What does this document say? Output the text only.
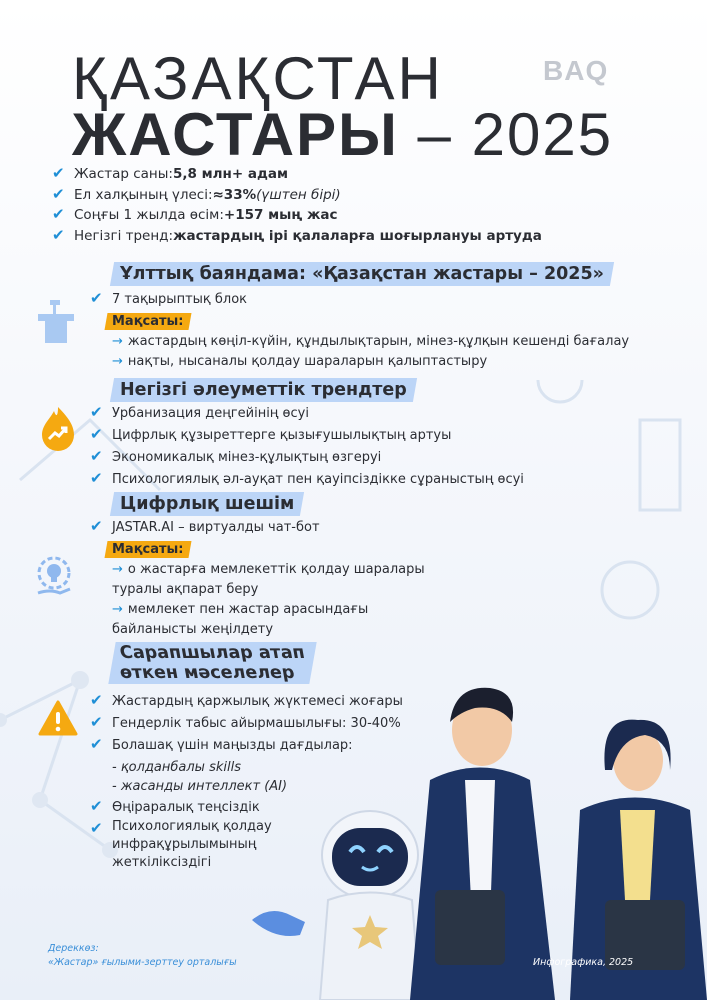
ҚАЗАҚСТАН
ЖАСТАРЫ – 2025
BAQ
✔ Жастар саны: 5,8 млн+ адам
✔ Ел халқының үлесі: ≈33% (үштен бірі)
✔ Соңғы 1 жылда өсім: +157 мың жас
✔ Негізгі тренд: жастардың ірі қалаларға шоғырлануы артуда
Ұлттық баяндама: «Қазақстан жастары – 2025»
✔ 7 тақырыптық блок
Мақсаты:
→ жастардың көңіл-күйін, құндылықтарын, мінез-құлқын кешенді бағалау
→ нақты, нысаналы қолдау шараларын қалыптастыру
Негізгі әлеуметтік трендтер
✔ Урбанизация деңгейінің өсуі
✔ Цифрлық құзыреттерге қызығушылықтың артуы
✔ Экономикалық мінез-құлықтың өзгеруі
✔ Психологиялық әл-ауқат пен қауіпсіздікке сұраныстың өсуі
Цифрлық шешім
✔ JASTAR.AI – виртуалды чат-бот
Мақсаты:
→ о жастарға мемлекеттік қолдау шаралары
туралы ақпарат беру
→ мемлекет пен жастар арасындағы
байланысты жеңілдету
Сарапшылар атап
өткен мәселелер
✔ Жастардың қаржылық жүктемесі жоғары
✔ Гендерлік табыс айырмашылығы: 30-40%
✔ Болашақ үшін маңызды дағдылар:
- қолданбалы skills
- жасанды интеллект (AI)
✔ Өңіраралық теңсіздік
✔ Психологиялық қолдау
инфрақұрылымының
жеткіліксіздігі
Дереккөз:
«Жастар» ғылыми-зерттеу орталығы	Инфографика, 2025
